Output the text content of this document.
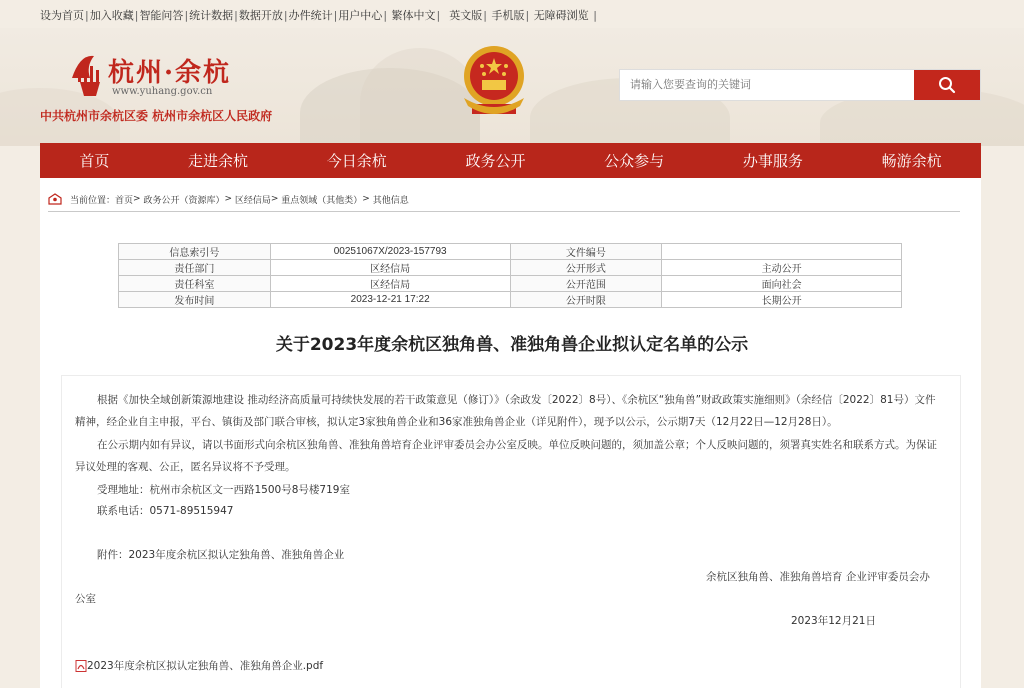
设为首页|加入收藏|智能问答|统计数据|数据开放|办件统计|用户中心| 繁体中文| 英文版| 手机版| 无障碍浏览 |
杭州·余杭
www.yuhang.gov.cn
中共杭州市余杭区委 杭州市余杭区人民政府
请输入您要查询的关键词
首页	走进余杭	今日余杭	政务公开	公众参与	办事服务	畅游余杭
当前位置： 首页 > 政务公开（资源库） > 区经信局 > 重点领域（其他类） > 其他信息
信息索引号	00251067X/2023-157793	文件编号	
责任部门	区经信局	公开形式	主动公开
责任科室	区经信局	公开范围	面向社会
发布时间	2023-12-21 17:22	公开时限	长期公开
关于2023年度余杭区独角兽、准独角兽企业拟认定名单的公示
根据《加快全域创新策源地建设 推动经济高质量可持续快发展的若干政策意见（修订）》（余政发〔2022〕8号）、《余杭区“独角兽”财政政策实施细则》（余经信〔2022〕81号）文件精神，经企业自主申报，平台、镇街及部门联合审核，拟认定3家独角兽企业和36家准独角兽企业（详见附件），现予以公示，公示期7天（12月22日—12月28日）。
在公示期内如有异议，请以书面形式向余杭区独角兽、准独角兽培育企业评审委员会办公室反映。单位反映问题的，须加盖公章；个人反映问题的，须署真实姓名和联系方式。为保证异议处理的客观、公正，匿名异议将不予受理。
受理地址：杭州市余杭区文一西路1500号8号楼719室
联系电话：0571-89515947
附件：2023年度余杭区拟认定独角兽、准独角兽企业
余杭区独角兽、准独角兽培育 企业评审委员会办
公室
2023年12月21日
2023年度余杭区拟认定独角兽、准独角兽企业.pdf
